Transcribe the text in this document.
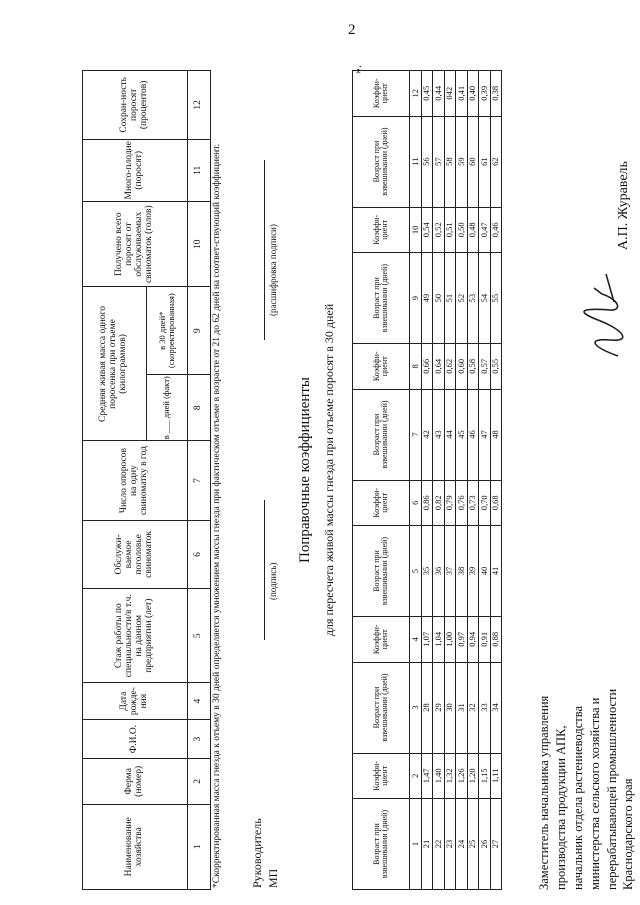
2
Наименование хозяйства	Ферма (номер)	Ф.И.О.	Дата рожде-ния	Стаж работы по специальности/в т.ч. на данном предприятии (лет)	Обслужи-ваемое поголовье свиноматок	Число опоросов на одну свиноматку в год	Средняя живая масса одного поросенка при отъеме (килограммов)		Получено всего поросят от обслуживаемых свиноматок (голов)	Много-плодие (поросят)	Сохран-ность поросят (процентов)
							в ___ дней (факт)	в 30 дней* (скорректированная)			
1	2	3	4	5	6	7	8	9	10	11	12
*Скорректированная масса гнезда к отъему в 30 дней определяется умножением массы гнезда при фактическом отъеме в возрасте от 21 до 62 дней на соответ-ствующий коэффициент. Руководитель МП
(подпись)
(расшифровка подписи)
Поправочные коэффициенты для пересчета живой массы гнезда при отъеме поросят в 30 дней
Возраст при взвешивании (дней)	Коэффи-циент	Возраст при взвешивании (дней)	Коэффи-циент	Возраст при взвешивании (дней)	Коэффи-циент	Возраст при взвешивании (дней)	Коэффи-циент	Возраст при взвешивании (дней)	Коэффи-циент	Возраст при взвешивании (дней)	Коэффи-циент
1	2	3	4	5	6	7	8	9	10	11	12
21	1,47	28	1,07	35	0,86	42	0,66	49	0,54	56	0,45
22	1,40	29	1,04	36	0,82	43	0,64	50	0,52	57	0,44
23	1,32	30	1,00	37	0,79	44	0,62	51	0,51	58	042
24	1,26	31	0,97	38	0,76	45	0,60	52	0,50	59	0,41
25	1,20	32	0,94	39	0,73	46	0,58	53	0,48	60	0,40
26	1,15	33	0,91	40	0,70	47	0,57	54	0,47	61	0,39
27	1,11	34	0,88	41	0,68	48	0,55	55	0,46	62	0,38
».
Заместитель начальника управления производства продукции АПК, начальник отдела растениеводства министерства сельского хозяйства и перерабатывающей промышленности Краснодарского края
А.П. Журавель
